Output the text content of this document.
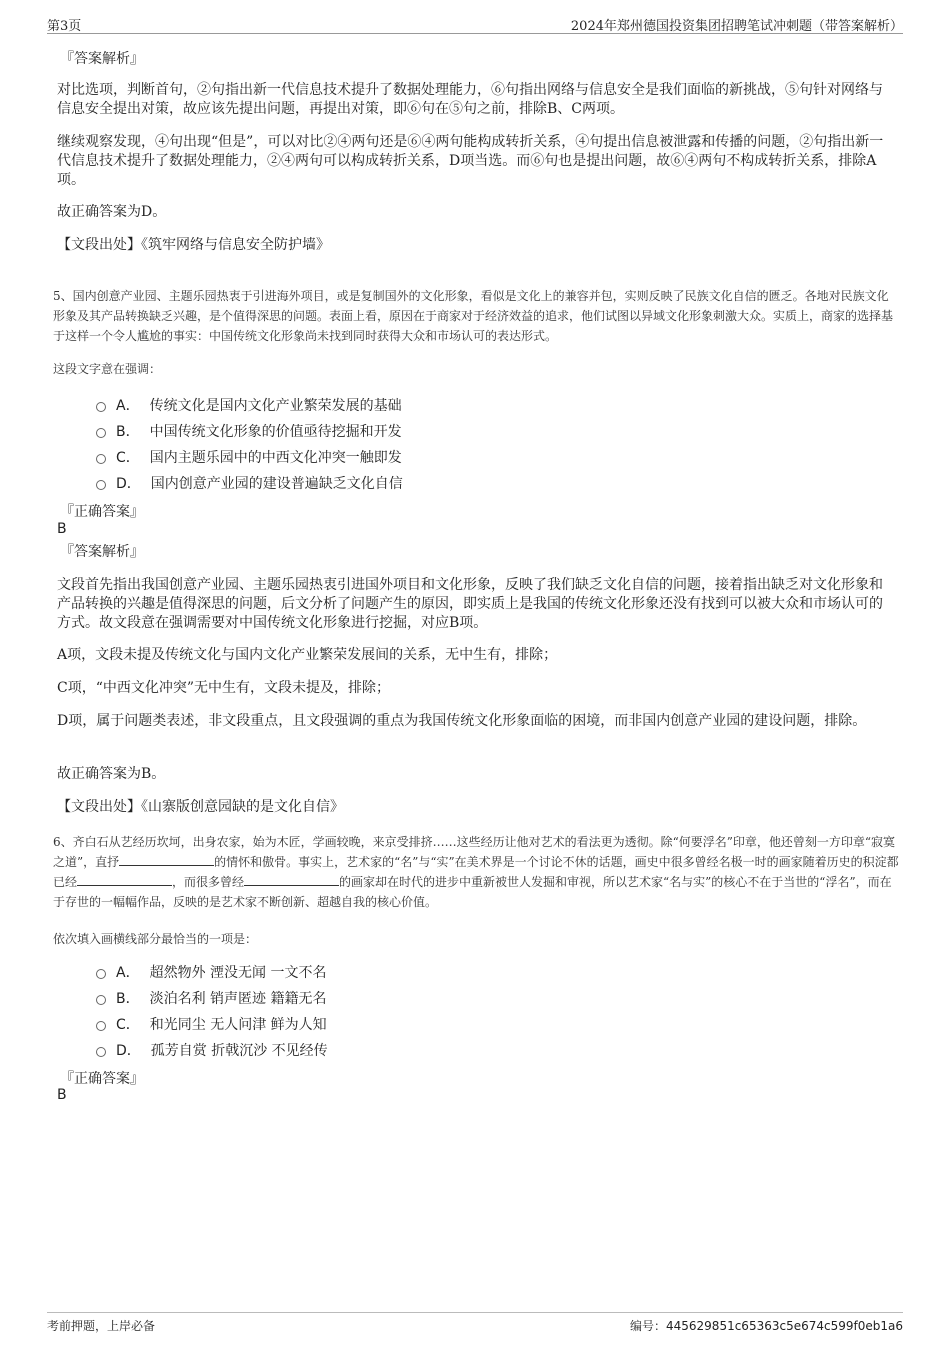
第3页	2024年郑州德国投资集团招聘笔试冲刺题（带答案解析）
『答案解析』
对比选项，判断首句，②句指出新一代信息技术提升了数据处理能力，⑥句指出网络与信息安全是我们面临的新挑战，⑤句针对网络与信息安全提出对策，故应该先提出问题，再提出对策，即⑥句在⑤句之前，排除B、C两项。
继续观察发现，④句出现“但是”，可以对比②④两句还是⑥④两句能构成转折关系，④句提出信息被泄露和传播的问题，②句指出新一代信息技术提升了数据处理能力，②④两句可以构成转折关系，D项当选。而⑥句也是提出问题，故⑥④两句不构成转折关系，排除A项。
故正确答案为D。
【文段出处】《筑牢网络与信息安全防护墙》
5、国内创意产业园、主题乐园热衷于引进海外项目，或是复制国外的文化形象，看似是文化上的兼容并包，实则反映了民族文化自信的匮乏。各地对民族文化形象及其产品转换缺乏兴趣，是个值得深思的问题。表面上看，原因在于商家对于经济效益的追求，他们试图以异域文化形象刺激大众。实质上，商家的选择基于这样一个令人尴尬的事实：中国传统文化形象尚未找到同时获得大众和市场认可的表达形式。
这段文字意在强调：
A． 传统文化是国内文化产业繁荣发展的基础
B． 中国传统文化形象的价值亟待挖掘和开发
C． 国内主题乐园中的中西文化冲突一触即发
D． 国内创意产业园的建设普遍缺乏文化自信
『正确答案』
B
『答案解析』
文段首先指出我国创意产业园、主题乐园热衷引进国外项目和文化形象，反映了我们缺乏文化自信的问题，接着指出缺乏对文化形象和产品转换的兴趣是值得深思的问题，后文分析了问题产生的原因，即实质上是我国的传统文化形象还没有找到可以被大众和市场认可的方式。故文段意在强调需要对中国传统文化形象进行挖掘，对应B项。
A项，文段未提及传统文化与国内文化产业繁荣发展间的关系，无中生有，排除；
C项，“中西文化冲突”无中生有，文段未提及，排除；
D项，属于问题类表述，非文段重点，且文段强调的重点为我国传统文化形象面临的困境，而非国内创意产业园的建设问题，排除。
故正确答案为B。
【文段出处】《山寨版创意园缺的是文化自信》
6、齐白石从艺经历坎坷，出身农家，始为木匠，学画较晚，来京受排挤……这些经历让他对艺术的看法更为透彻。除“何要浮名”印章，他还曾刻一方印章“寂寞之道”，直抒	的情怀和傲骨。事实上，艺术家的“名”与“实”在美术界是一个讨论不休的话题，画史中很多曾经名极一时的画家随着历史的积淀都已经	，而很多曾经	的画家却在时代的进步中重新被世人发掘和审视，所以艺术家“名与实”的核心不在于当世的“浮名”，而在于存世的一幅幅作品，反映的是艺术家不断创新、超越自我的核心价值。
依次填入画横线部分最恰当的一项是：
A． 超然物外 湮没无闻 一文不名
B． 淡泊名利 销声匿迹 籍籍无名
C． 和光同尘 无人问津 鲜为人知
D． 孤芳自赏 折戟沉沙 不见经传
『正确答案』
B
考前押题，上岸必备	编号：445629851c65363c5e674c599f0eb1a6
